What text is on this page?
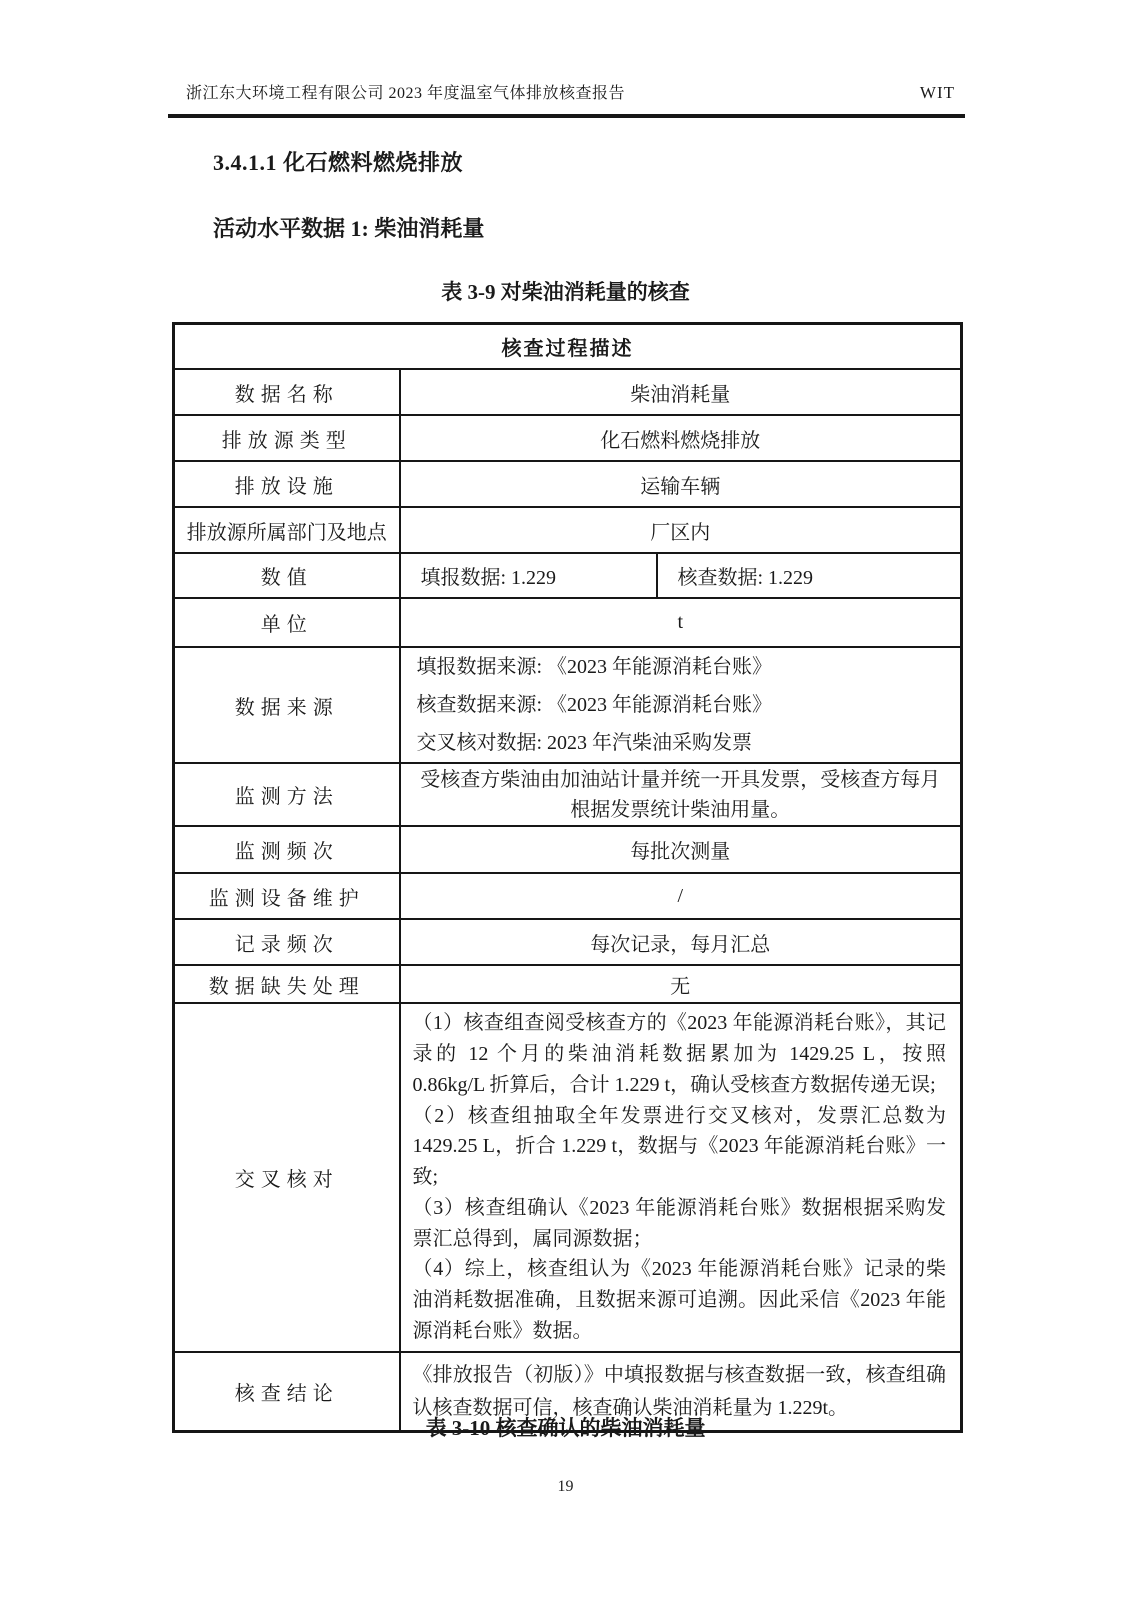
浙江东大环境工程有限公司 2023 年度温室气体排放核查报告	WIT
3.4.1.1 化石燃料燃烧排放
活动水平数据 1: 柴油消耗量
表 3-9 对柴油消耗量的核查
核查过程描述		
数据名称	柴油消耗量	
排放源类型	化石燃料燃烧排放	
排放设施	运输车辆	
排放源所属部门及地点	厂区内	
数值	填报数据: 1.229	核查数据: 1.229
单位	t	
数据来源	填报数据来源: 《2023 年能源消耗台账》
核查数据来源: 《2023 年能源消耗台账》
交叉核对数据: 2023 年汽柴油采购发票	

监测方法	受核查方柴油由加油站计量并统一开具发票，受核查方每月根据发票统计柴油用量。	
监测频次	每批次测量	
监测设备维护	/	
记录频次	每次记录，每月汇总	
数据缺失处理	无	
交叉核对	（1）核查组查阅受核查方的《2023 年能源消耗台账》，其记录的 12 个月的柴油消耗数据累加为 1429.25 L，按照 0.86kg/L 折算后，合计 1.229 t，确认受核查方数据传递无误;
（2）核查组抽取全年发票进行交叉核对，发票汇总数为 1429.25 L，折合 1.229 t，数据与《2023 年能源消耗台账》一致;
（3）核查组确认《2023 年能源消耗台账》数据根据采购发票汇总得到，属同源数据；
（4）综上，核查组认为《2023 年能源消耗台账》记录的柴油消耗数据准确，且数据来源可追溯。因此采信《2023 年能源消耗台账》数据。	

核查结论	《排放报告（初版）》中填报数据与核查数据一致，核查组确认核查数据可信，核查确认柴油消耗量为 1.229t。	
表 3-10 核查确认的柴油消耗量
19
